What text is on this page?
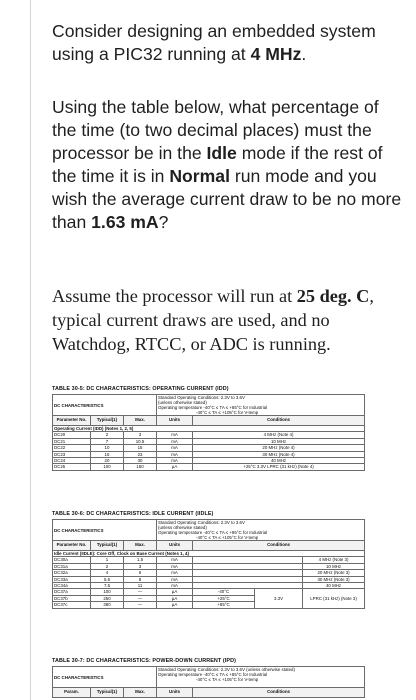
Consider designing an embedded system using a PIC32 running at 4 MHz.

Using the table below, what percentage of the time (to two decimal places) must the processor be in the Idle mode if the rest of the time it is in Normal run mode and you wish the average current draw to be no more than 1.63 mA?

Assume the processor will run at 25 deg. C, typical current draws are used, and no Watchdog, RTCC, or ADC is running.

TABLE 30-5: DC CHARACTERISTICS: OPERATING CURRENT (IDD)
DC CHARACTERISTICS			Standard Operating Conditions: 2.3V to 3.6V
(unless otherwise stated)
Operating temperature -40°C ≤ TA ≤ +85°C for Industrial
-40°C ≤ TA ≤ +105°C for V-temp	

Parameter No.	Typical(1)	Max.	Units	Conditions
Operating Current (IDD) (Notes 1, 2, 5)				
DC20	2	3	mA	4 MHz (Note 4)
DC21	7	10.5	mA	10 MHz
DC22	10	15	mA	20 MHz (Note 4)
DC23	15	23	mA	30 MHz (Note 4)
DC24	20	30	mA	40 MHz
DC25	100	150	µA	+25°C 3.3V LPRC (31 kHz) (Note 4)
TABLE 30-6: DC CHARACTERISTICS: IDLE CURRENT (IIDLE)
DC CHARACTERISTICS			Standard Operating Conditions: 2.3V to 3.6V
(unless otherwise stated)
Operating temperature -40°C ≤ TA ≤ +85°C for Industrial
-40°C ≤ TA ≤ +105°C for V-temp			

Parameter No.	Typical(1)	Max.	Units	Conditions		
Idle Current (IIDLE): Core Off, Clock on Base Current (Notes 1, 4)						
DC30a	1	1.5	mA			4 MHz (Note 3)
DC31a	2	3	mA			10 MHz
DC32a	4	6	mA			20 MHz (Note 3)
DC33a	5.5	8	mA			30 MHz (Note 3)
DC34a	7.5	11	mA			40 MHz
DC37a	100	—	µA	-40°C	3.3V	LPRC (31 kHz) (Note 3)
DC37b	250	—	µA	+25°C		
DC37c	380	—	µA	+85°C		
TABLE 30-7: DC CHARACTERISTICS: POWER-DOWN CURRENT (IPD)
DC CHARACTERISTICS			Standard Operating Conditions: 2.3V to 3.6V (unless otherwise stated)
Operating temperature -40°C ≤ TA ≤ +85°C for Industrial
-40°C ≤ TA ≤ +105°C for V-temp	

Param.	Typical(1)	Max.	Units	Conditions
